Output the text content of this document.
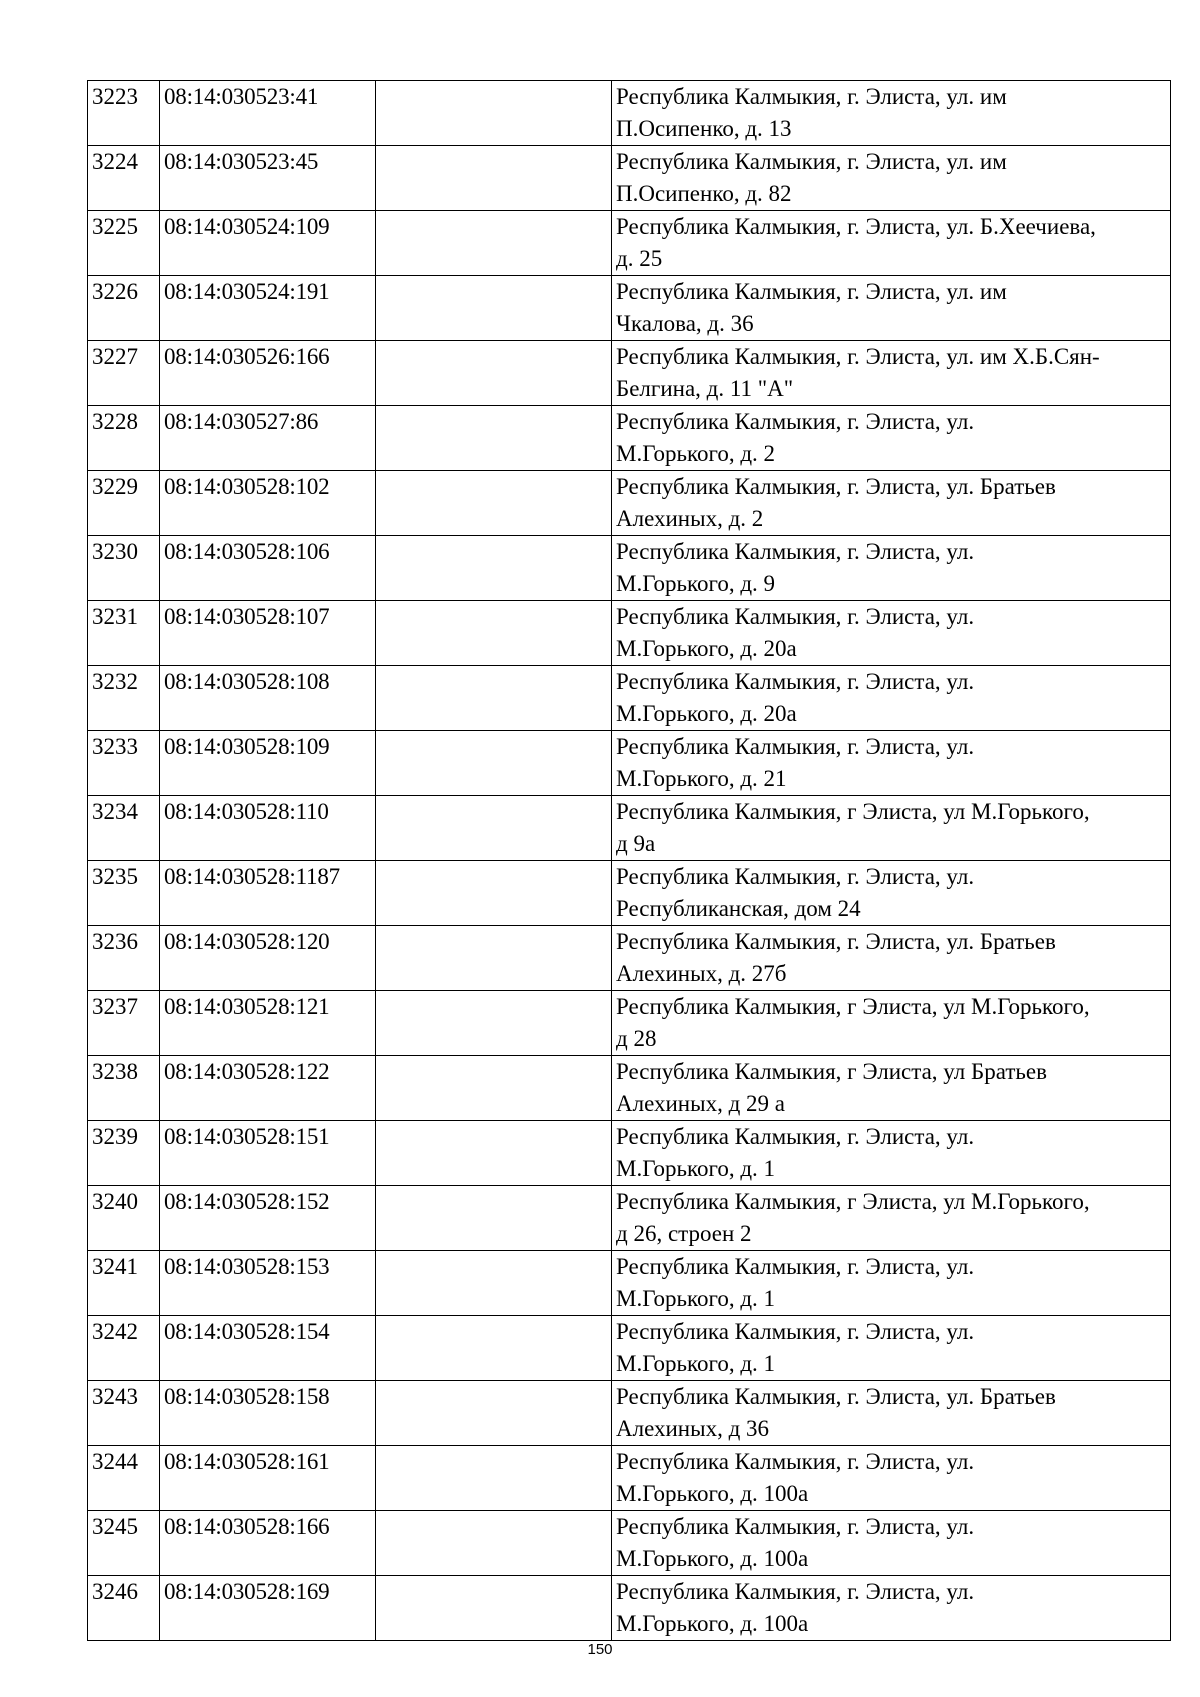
3223	08:14:030523:41		Республика Калмыкия, г. Элиста, ул. им
П.Осипенко, д. 13

3224	08:14:030523:45		Республика Калмыкия, г. Элиста, ул. им
П.Осипенко, д. 82

3225	08:14:030524:109		Республика Калмыкия, г. Элиста, ул. Б.Хеечиева,
д. 25

3226	08:14:030524:191		Республика Калмыкия, г. Элиста, ул. им
Чкалова, д. 36

3227	08:14:030526:166		Республика Калмыкия, г. Элиста, ул. им Х.Б.Сян-
Белгина, д. 11 "А"

3228	08:14:030527:86		Республика Калмыкия, г. Элиста, ул.
М.Горького, д. 2

3229	08:14:030528:102		Республика Калмыкия, г. Элиста, ул. Братьев
Алехиных, д. 2

3230	08:14:030528:106		Республика Калмыкия, г. Элиста, ул.
М.Горького, д. 9

3231	08:14:030528:107		Республика Калмыкия, г. Элиста, ул.
М.Горького, д. 20а

3232	08:14:030528:108		Республика Калмыкия, г. Элиста, ул.
М.Горького, д. 20а

3233	08:14:030528:109		Республика Калмыкия, г. Элиста, ул.
М.Горького, д. 21

3234	08:14:030528:110		Республика Калмыкия, г Элиста, ул М.Горького,
д 9а

3235	08:14:030528:1187		Республика Калмыкия, г. Элиста, ул.
Республиканская, дом 24

3236	08:14:030528:120		Республика Калмыкия, г. Элиста, ул. Братьев
Алехиных, д. 27б

3237	08:14:030528:121		Республика Калмыкия, г Элиста, ул М.Горького,
д 28

3238	08:14:030528:122		Республика Калмыкия, г Элиста, ул Братьев
Алехиных, д 29 а

3239	08:14:030528:151		Республика Калмыкия, г. Элиста, ул.
М.Горького, д. 1

3240	08:14:030528:152		Республика Калмыкия, г Элиста, ул М.Горького,
д 26, строен 2

3241	08:14:030528:153		Республика Калмыкия, г. Элиста, ул.
М.Горького, д. 1

3242	08:14:030528:154		Республика Калмыкия, г. Элиста, ул.
М.Горького, д. 1

3243	08:14:030528:158		Республика Калмыкия, г. Элиста, ул. Братьев
Алехиных, д 36

3244	08:14:030528:161		Республика Калмыкия, г. Элиста, ул.
М.Горького, д. 100а

3245	08:14:030528:166		Республика Калмыкия, г. Элиста, ул.
М.Горького, д. 100а

3246	08:14:030528:169		Республика Калмыкия, г. Элиста, ул.
М.Горького, д. 100а
150
